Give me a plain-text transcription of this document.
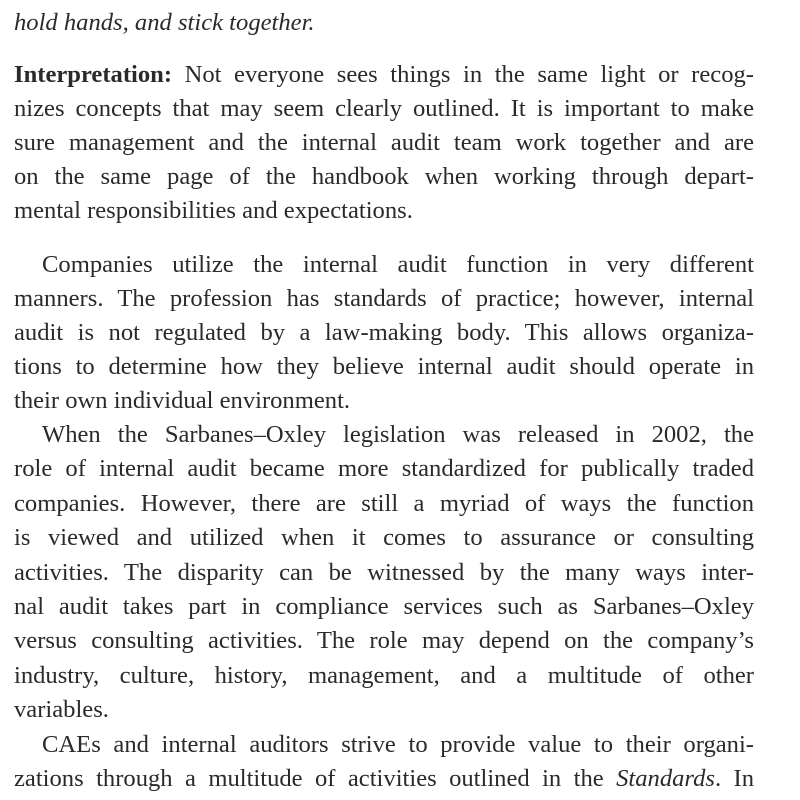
hold hands, and stick together.
Interpretation: Not everyone sees things in the same light or recog-
nizes concepts that may seem clearly outlined. It is important to make
sure management and the internal audit team work together and are
on the same page of the handbook when working through depart-
mental responsibilities and expectations.
Companies utilize the internal audit function in very different
manners. The profession has standards of practice; however, internal
audit is not regulated by a law-making body. This allows organiza-
tions to determine how they believe internal audit should operate in
their own individual environment.
When the Sarbanes–Oxley legislation was released in 2002, the
role of internal audit became more standardized for publically traded
companies. However, there are still a myriad of ways the function
is viewed and utilized when it comes to assurance or consulting
activities. The disparity can be witnessed by the many ways inter-
nal audit takes part in compliance services such as Sarbanes–Oxley
versus consulting activities. The role may depend on the company’s
industry, culture, history, management, and a multitude of other
variables.
CAEs and internal auditors strive to provide value to their organi-
zations through a multitude of activities outlined in the Standards. In
